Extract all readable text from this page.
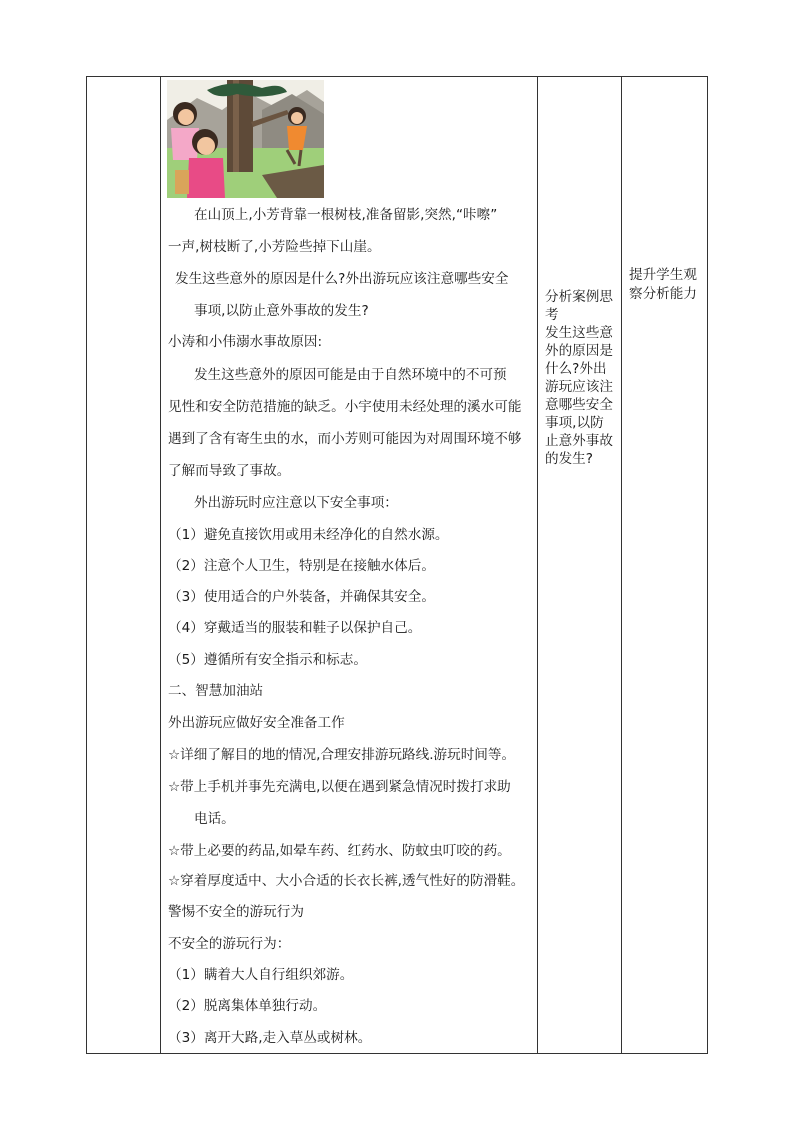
在山顶上,小芳背靠一根树枝,准备留影,突然,“咔嚓”
一声,树枝断了,小芳险些掉下山崖。
发生这些意外的原因是什么?外出游玩应该注意哪些安全
事项,以防止意外事故的发生?
小涛和小伟溺水事故原因:
发生这些意外的原因可能是由于自然环境中的不可预
见性和安全防范措施的缺乏。小宇使用未经处理的溪水可能
遇到了含有寄生虫的水，而小芳则可能因为对周围环境不够
了解而导致了事故。
外出游玩时应注意以下安全事项：
（1）避免直接饮用或用未经净化的自然水源。
（2）注意个人卫生，特别是在接触水体后。
（3）使用适合的户外装备，并确保其安全。
（4）穿戴适当的服装和鞋子以保护自己。
（5）遵循所有安全指示和标志。
二、智慧加油站
外出游玩应做好安全准备工作
☆详细了解目的地的情况,合理安排游玩路线.游玩时间等。
☆带上手机并事先充满电,以便在遇到紧急情况时拨打求助
电话。
☆带上必要的药品,如晕车药、红药水、防蚊虫叮咬的药。
☆穿着厚度适中、大小合适的长衣长裤,透气性好的防滑鞋。
警惕不安全的游玩行为
不安全的游玩行为：
（1）瞒着大人自行组织郊游。
（2）脱离集体单独行动。
（3）离开大路,走入草丛或树林。
分析案例思
考
发生这些意
外的原因是
什么?外出
游玩应该注
意哪些安全
事项,以防
止意外事故
的发生?
提升学生观
察分析能力
